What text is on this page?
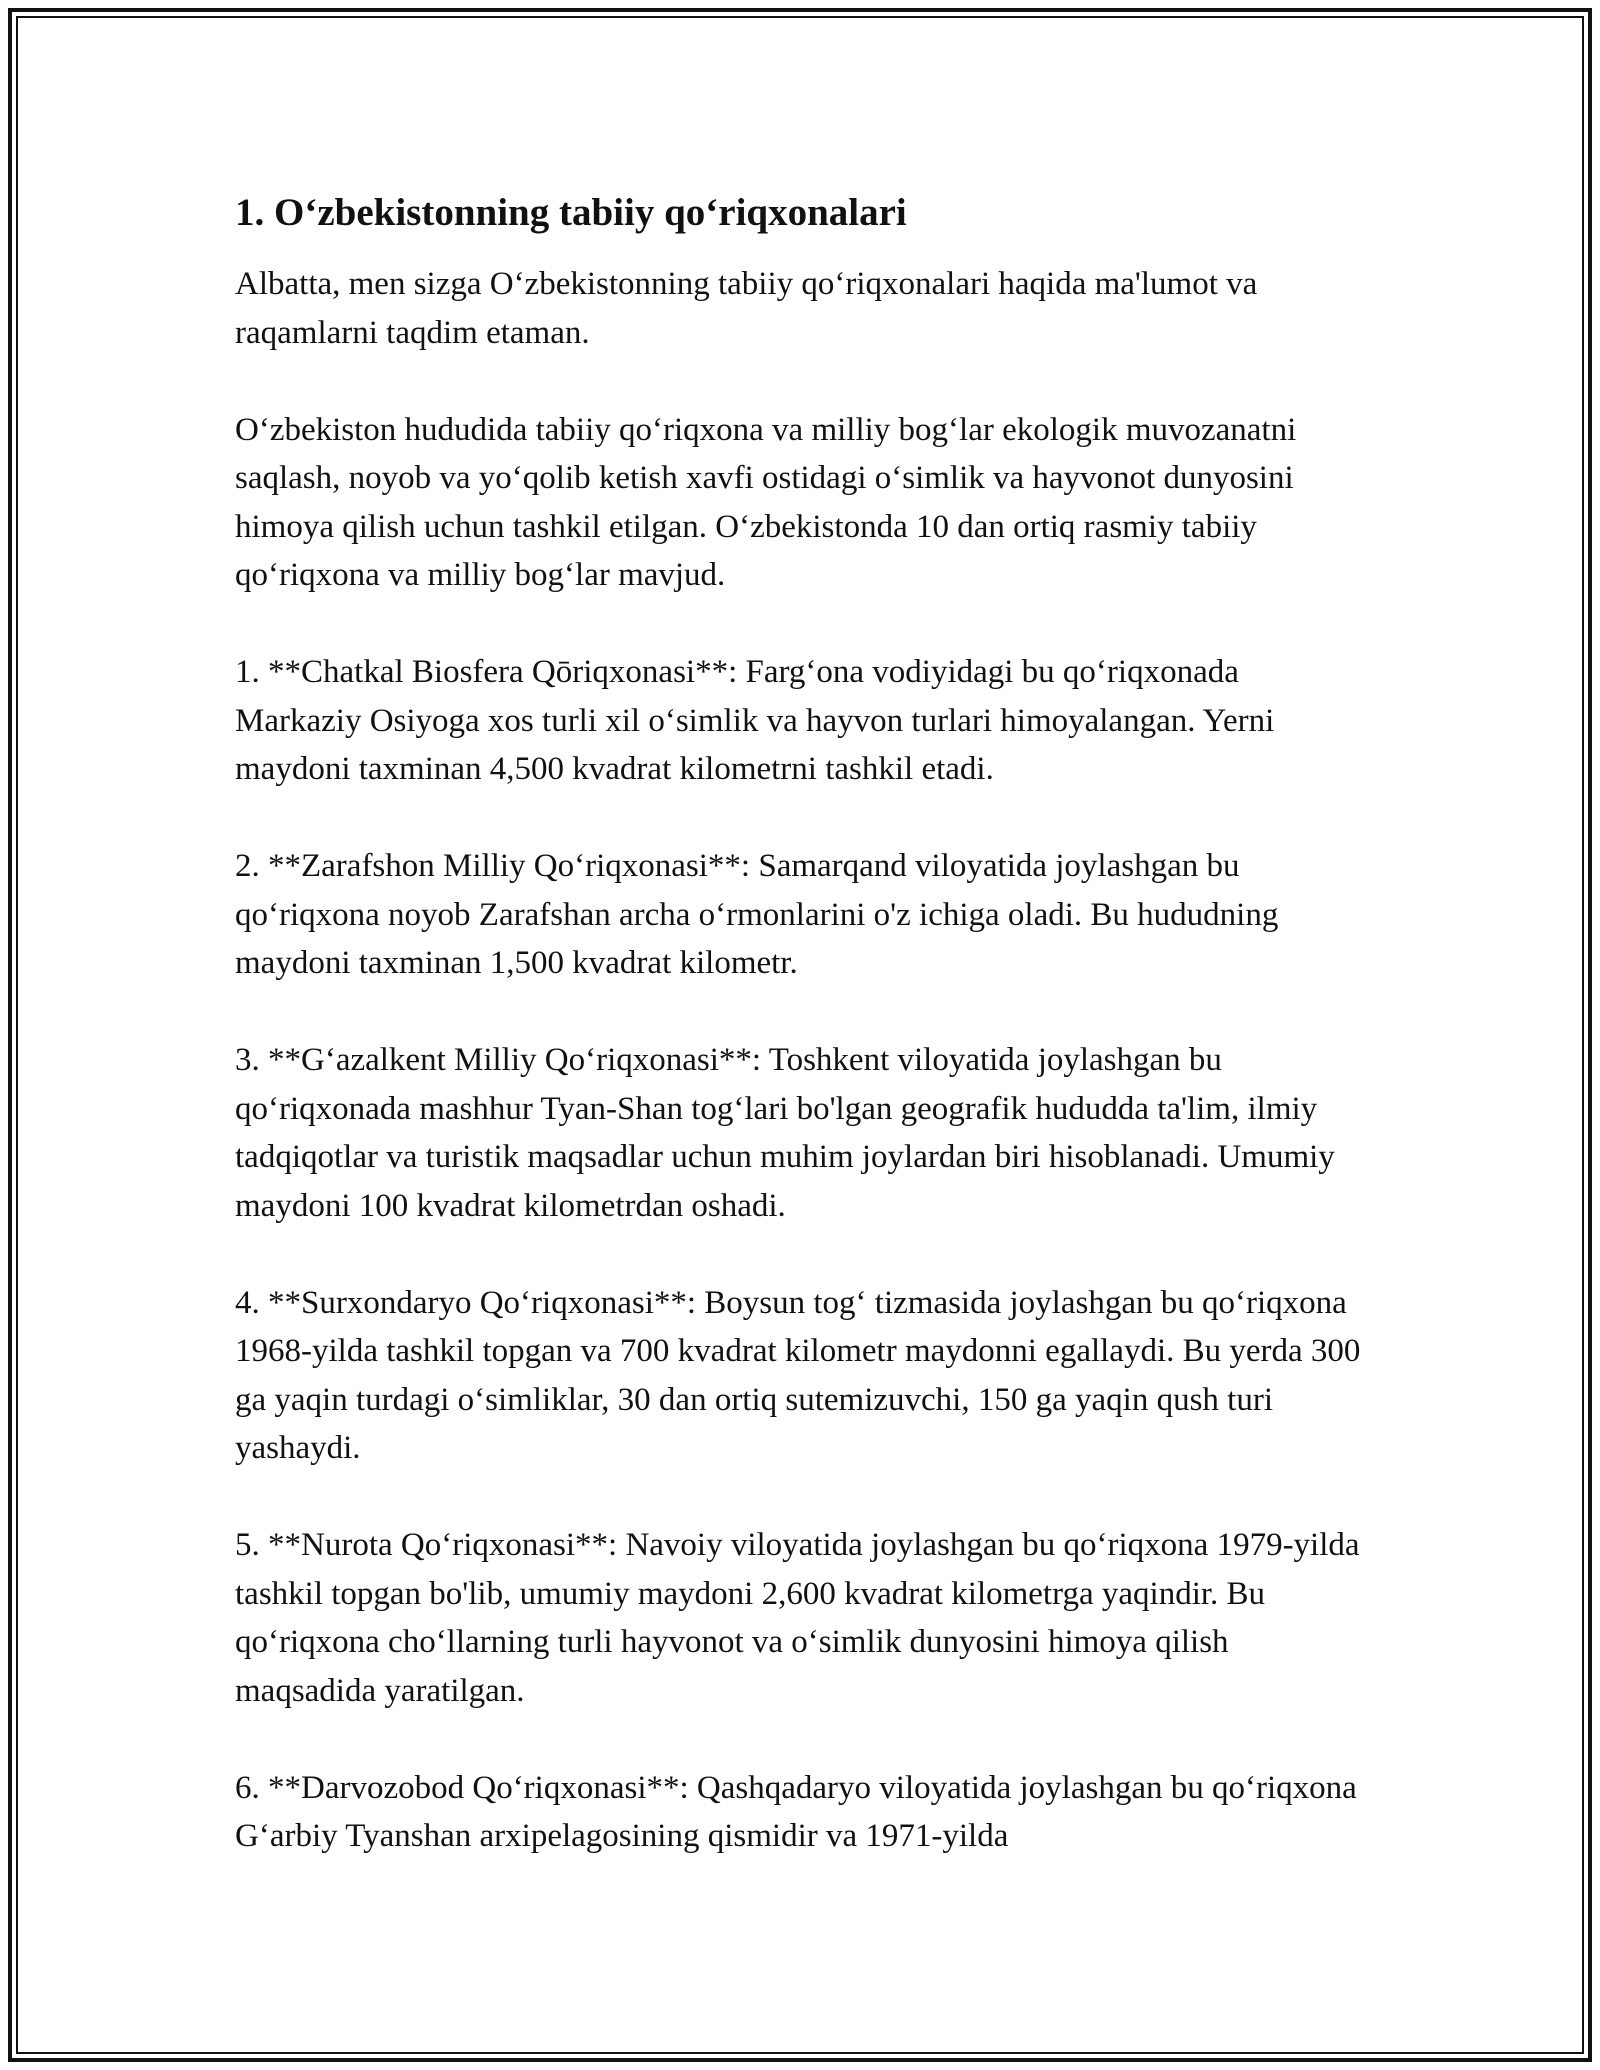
1. O‘zbekistonning tabiiy qo‘riqxonalari

Albatta, men sizga O‘zbekistonning tabiiy qo‘riqxonalari haqida ma'lumot va raqamlarni taqdim etaman.

O‘zbekiston hududida tabiiy qo‘riqxona va milliy bog‘lar ekologik muvozanatni saqlash, noyob va yo‘qolib ketish xavfi ostidagi o‘simlik va hayvonot dunyosini himoya qilish uchun tashkil etilgan. O‘zbekistonda 10 dan ortiq rasmiy tabiiy qo‘riqxona va milliy bog‘lar mavjud.

1. **Chatkal Biosfera Qōriqxonasi**: Farg‘ona vodiyidagi bu qo‘riqxonada Markaziy Osiyoga xos turli xil o‘simlik va hayvon turlari himoyalangan. Yerni maydoni taxminan 4,500 kvadrat kilometrni tashkil etadi.

2. **Zarafshon Milliy Qo‘riqxonasi**: Samarqand viloyatida joylashgan bu qo‘riqxona noyob Zarafshan archa o‘rmonlarini o'z ichiga oladi. Bu hududning maydoni taxminan 1,500 kvadrat kilometr.

3. **G‘azalkent Milliy Qo‘riqxonasi**: Toshkent viloyatida joylashgan bu qo‘riqxonada mashhur Tyan-Shan tog‘lari bo'lgan geografik hududda ta'lim, ilmiy tadqiqotlar va turistik maqsadlar uchun muhim joylardan biri hisoblanadi. Umumiy maydoni 100 kvadrat kilometrdan oshadi.

4. **Surxondaryo Qo‘riqxonasi**: Boysun tog‘ tizmasida joylashgan bu qo‘riqxona 1968-yilda tashkil topgan va 700 kvadrat kilometr maydonni egallaydi. Bu yerda 300 ga yaqin turdagi o‘simliklar, 30 dan ortiq sutemizuvchi, 150 ga yaqin qush turi yashaydi.

5. **Nurota Qo‘riqxonasi**: Navoiy viloyatida joylashgan bu qo‘riqxona 1979-yilda tashkil topgan bo'lib, umumiy maydoni 2,600 kvadrat kilometrga yaqindir. Bu qo‘riqxona cho‘llarning turli hayvonot va o‘simlik dunyosini himoya qilish maqsadida yaratilgan.

6. **Darvozobod Qo‘riqxonasi**: Qashqadaryo viloyatida joylashgan bu qo‘riqxona G‘arbiy Tyanshan arxipelagosining qismidir va 1971-yilda
